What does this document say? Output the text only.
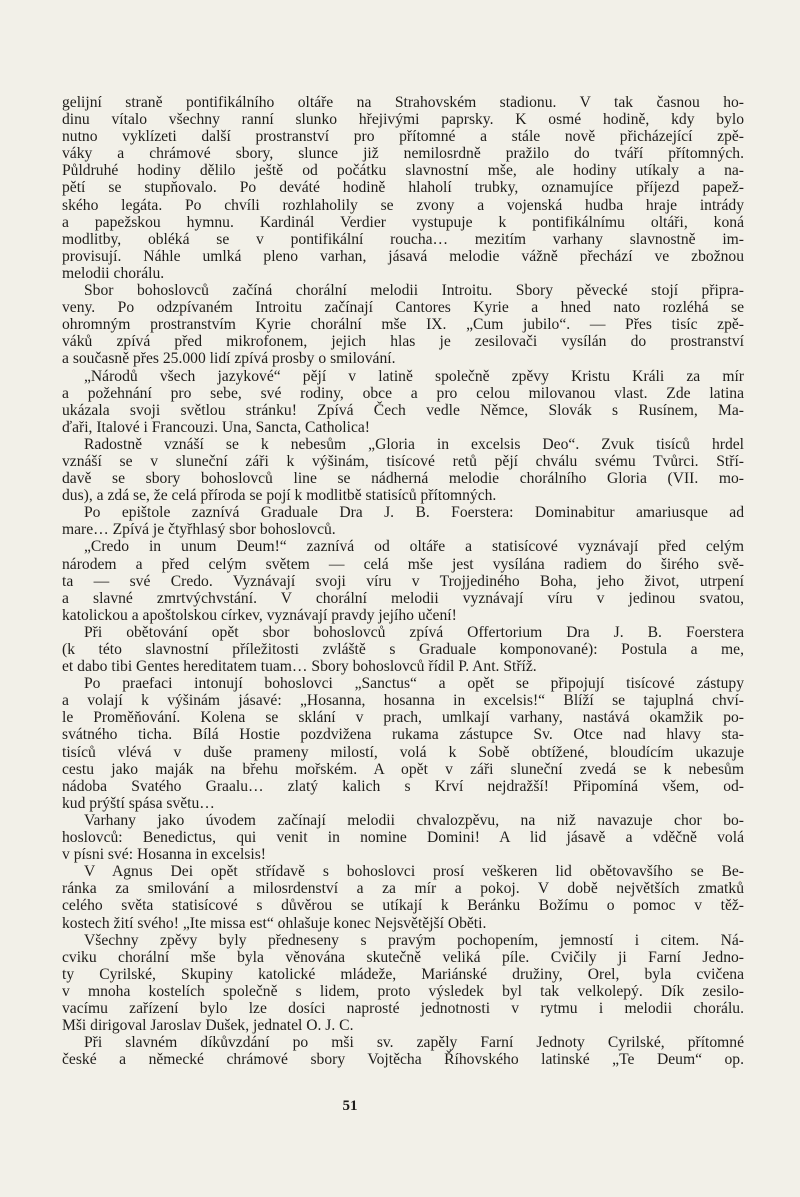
gelijní straně pontifikálního oltáře na Strahovském stadionu. V tak časnou ho-
dinu vítalo všechny ranní slunko hřejivými paprsky. K osmé hodině, kdy bylo
nutno vyklízeti další prostranství pro přítomné a stále nově přicházející zpě-
váky a chrámové sbory, slunce již nemilosrdně pražilo do tváří přítomných.
Půldruhé hodiny dělilo ještě od počátku slavnostní mše, ale hodiny utíkaly a na-
pětí se stupňovalo. Po deváté hodině hlaholí trubky, oznamujíce příjezd papež-
ského legáta. Po chvíli rozhlaholily se zvony a vojenská hudba hraje intrády
a papežskou hymnu. Kardinál Verdier vystupuje k pontifikálnímu oltáři, koná
modlitby, obléká se v pontifikální roucha… mezitím varhany slavnostně im-
provisují. Náhle umlká pleno varhan, jásavá melodie vážně přechází ve zbožnou
melodii chorálu.
Sbor bohoslovců začíná chorální melodii Introitu. Sbory pěvecké stojí připra-
veny. Po odzpívaném Introitu začínají Cantores Kyrie a hned nato rozléhá se
ohromným prostranstvím Kyrie chorální mše IX. „Cum jubilo“. — Přes tisíc zpě-
váků zpívá před mikrofonem, jejich hlas je zesilovači vysílán do prostranství
a současně přes 25.000 lidí zpívá prosby o smilování.
„Národů všech jazykové“ pějí v latině společně zpěvy Kristu Králi za mír
a požehnání pro sebe, své rodiny, obce a pro celou milovanou vlast. Zde latina
ukázala svoji světlou stránku! Zpívá Čech vedle Němce, Slovák s Rusínem, Ma-
ďaři, Italové i Francouzi. Una, Sancta, Catholica!
Radostně vznáší se k nebesům „Gloria in excelsis Deo“. Zvuk tisíců hrdel
vznáší se v sluneční záři k výšinám, tisícové retů pějí chválu svému Tvůrci. Stří-
davě se sbory bohoslovců line se nádherná melodie chorálního Gloria (VII. mo-
dus), a zdá se, že celá příroda se pojí k modlitbě statisíců přítomných.
Po epištole zaznívá Graduale Dra J. B. Foerstera: Dominabitur amariusque ad
mare… Zpívá je čtyřhlasý sbor bohoslovců.
„Credo in unum Deum!“ zaznívá od oltáře a statisícové vyznávají před celým
národem a před celým světem — celá mše jest vysílána radiem do širého svě-
ta — své Credo. Vyznávají svoji víru v Trojjediného Boha, jeho život, utrpení
a slavné zmrtvýchvstání. V chorální melodii vyznávají víru v jedinou svatou,
katolickou a apoštolskou církev, vyznávají pravdy jejího učení!
Při obětování opět sbor bohoslovců zpívá Offertorium Dra J. B. Foerstera
(k této slavnostní příležitosti zvláště s Graduale komponované): Postula a me,
et dabo tibi Gentes hereditatem tuam… Sbory bohoslovců řídil P. Ant. Stříž.
Po praefaci intonují bohoslovci „Sanctus“ a opět se připojují tisícové zástupy
a volají k výšinám jásavé: „Hosanna, hosanna in excelsis!“ Blíží se tajuplná chví-
le Proměňování. Kolena se sklání v prach, umlkají varhany, nastává okamžik po-
svátného ticha. Bílá Hostie pozdvižena rukama zástupce Sv. Otce nad hlavy sta-
tisíců vlévá v duše prameny milostí, volá k Sobě obtížené, bloudícím ukazuje
cestu jako maják na břehu mořském. A opět v záři sluneční zvedá se k nebesům
nádoba Svatého Graalu… zlatý kalich s Krví nejdražší! Připomíná všem, od-
kud prýští spása světu…
Varhany jako úvodem začínají melodii chvalozpěvu, na niž navazuje chor bo-
hoslovců: Benedictus, qui venit in nomine Domini! A lid jásavě a vděčně volá
v písni své: Hosanna in excelsis!
V Agnus Dei opět střídavě s bohoslovci prosí veškeren lid obětovavšího se Be-
ránka za smilování a milosrdenství a za mír a pokoj. V době největších zmatků
celého světa statisícové s důvěrou se utíkají k Beránku Božímu o pomoc v těž-
kostech žití svého! „Ite missa est“ ohlašuje konec Nejsvětější Oběti.
Všechny zpěvy byly předneseny s pravým pochopením, jemností i citem. Ná-
cviku chorální mše byla věnována skutečně veliká píle. Cvičily ji Farní Jedno-
ty Cyrilské, Skupiny katolické mládeže, Mariánské družiny, Orel, byla cvičena
v mnoha kostelích společně s lidem, proto výsledek byl tak velkolepý. Dík zesilo-
vacímu zařízení bylo lze dosíci naprosté jednotnosti v rytmu i melodii chorálu.
Mši dirigoval Jaroslav Dušek, jednatel O. J. C.
Při slavném díkůvzdání po mši sv. zapěly Farní Jednoty Cyrilské, přítomné
české a německé chrámové sbory Vojtěcha Říhovského latinské „Te Deum“ op.
51
